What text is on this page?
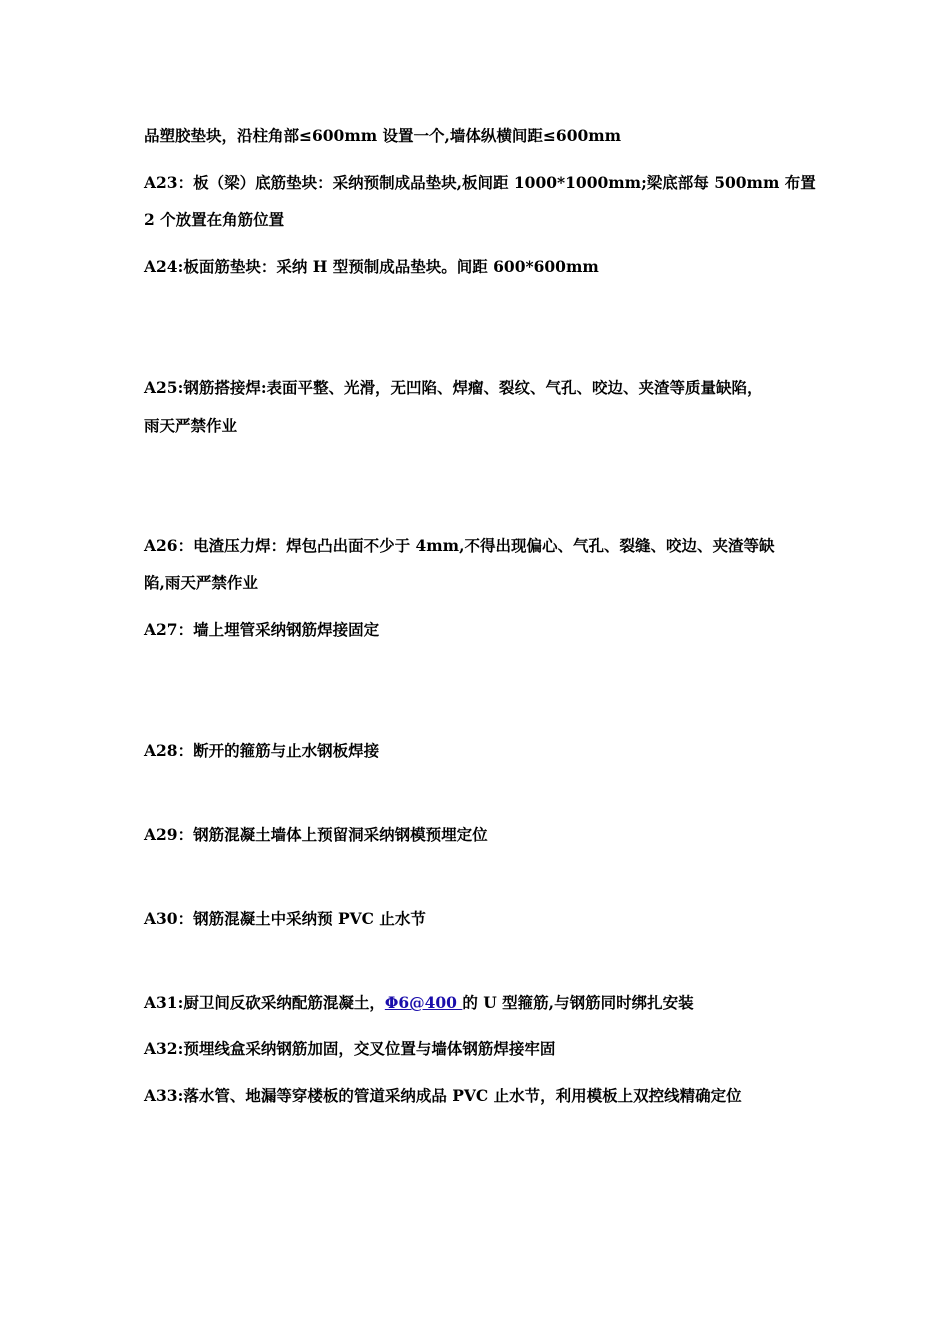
品塑胶垫块，沿柱角部≤600mm 设置一个,墙体纵横间距≤600mm
A23：板（梁）底筋垫块：采纳预制成品垫块,板间距 1000*1000mm;梁底部每 500mm 布置
2 个放置在角筋位置
A24:板面筋垫块：采纳 H 型预制成品垫块。间距 600*600mm
A25:钢筋搭接焊:表面平整、光滑，无凹陷、焊瘤、裂纹、气孔、咬边、夹渣等质量缺陷，
雨天严禁作业
A26：电渣压力焊：焊包凸出面不少于 4mm,不得出现偏心、气孔、裂缝、咬边、夹渣等缺
陷,雨天严禁作业
A27：墙上埋管采纳钢筋焊接固定
A28：断开的箍筋与止水钢板焊接
A29：钢筋混凝土墙体上预留洞采纳钢模预埋定位
A30：钢筋混凝土中采纳预 PVC 止水节
A31:厨卫间反砍采纳配筋混凝土，Φ6@400 的 U 型箍筋,与钢筋同时绑扎安装
A32:预埋线盒采纳钢筋加固，交叉位置与墙体钢筋焊接牢固
A33:落水管、地漏等穿楼板的管道采纳成品 PVC 止水节，利用模板上双控线精确定位
